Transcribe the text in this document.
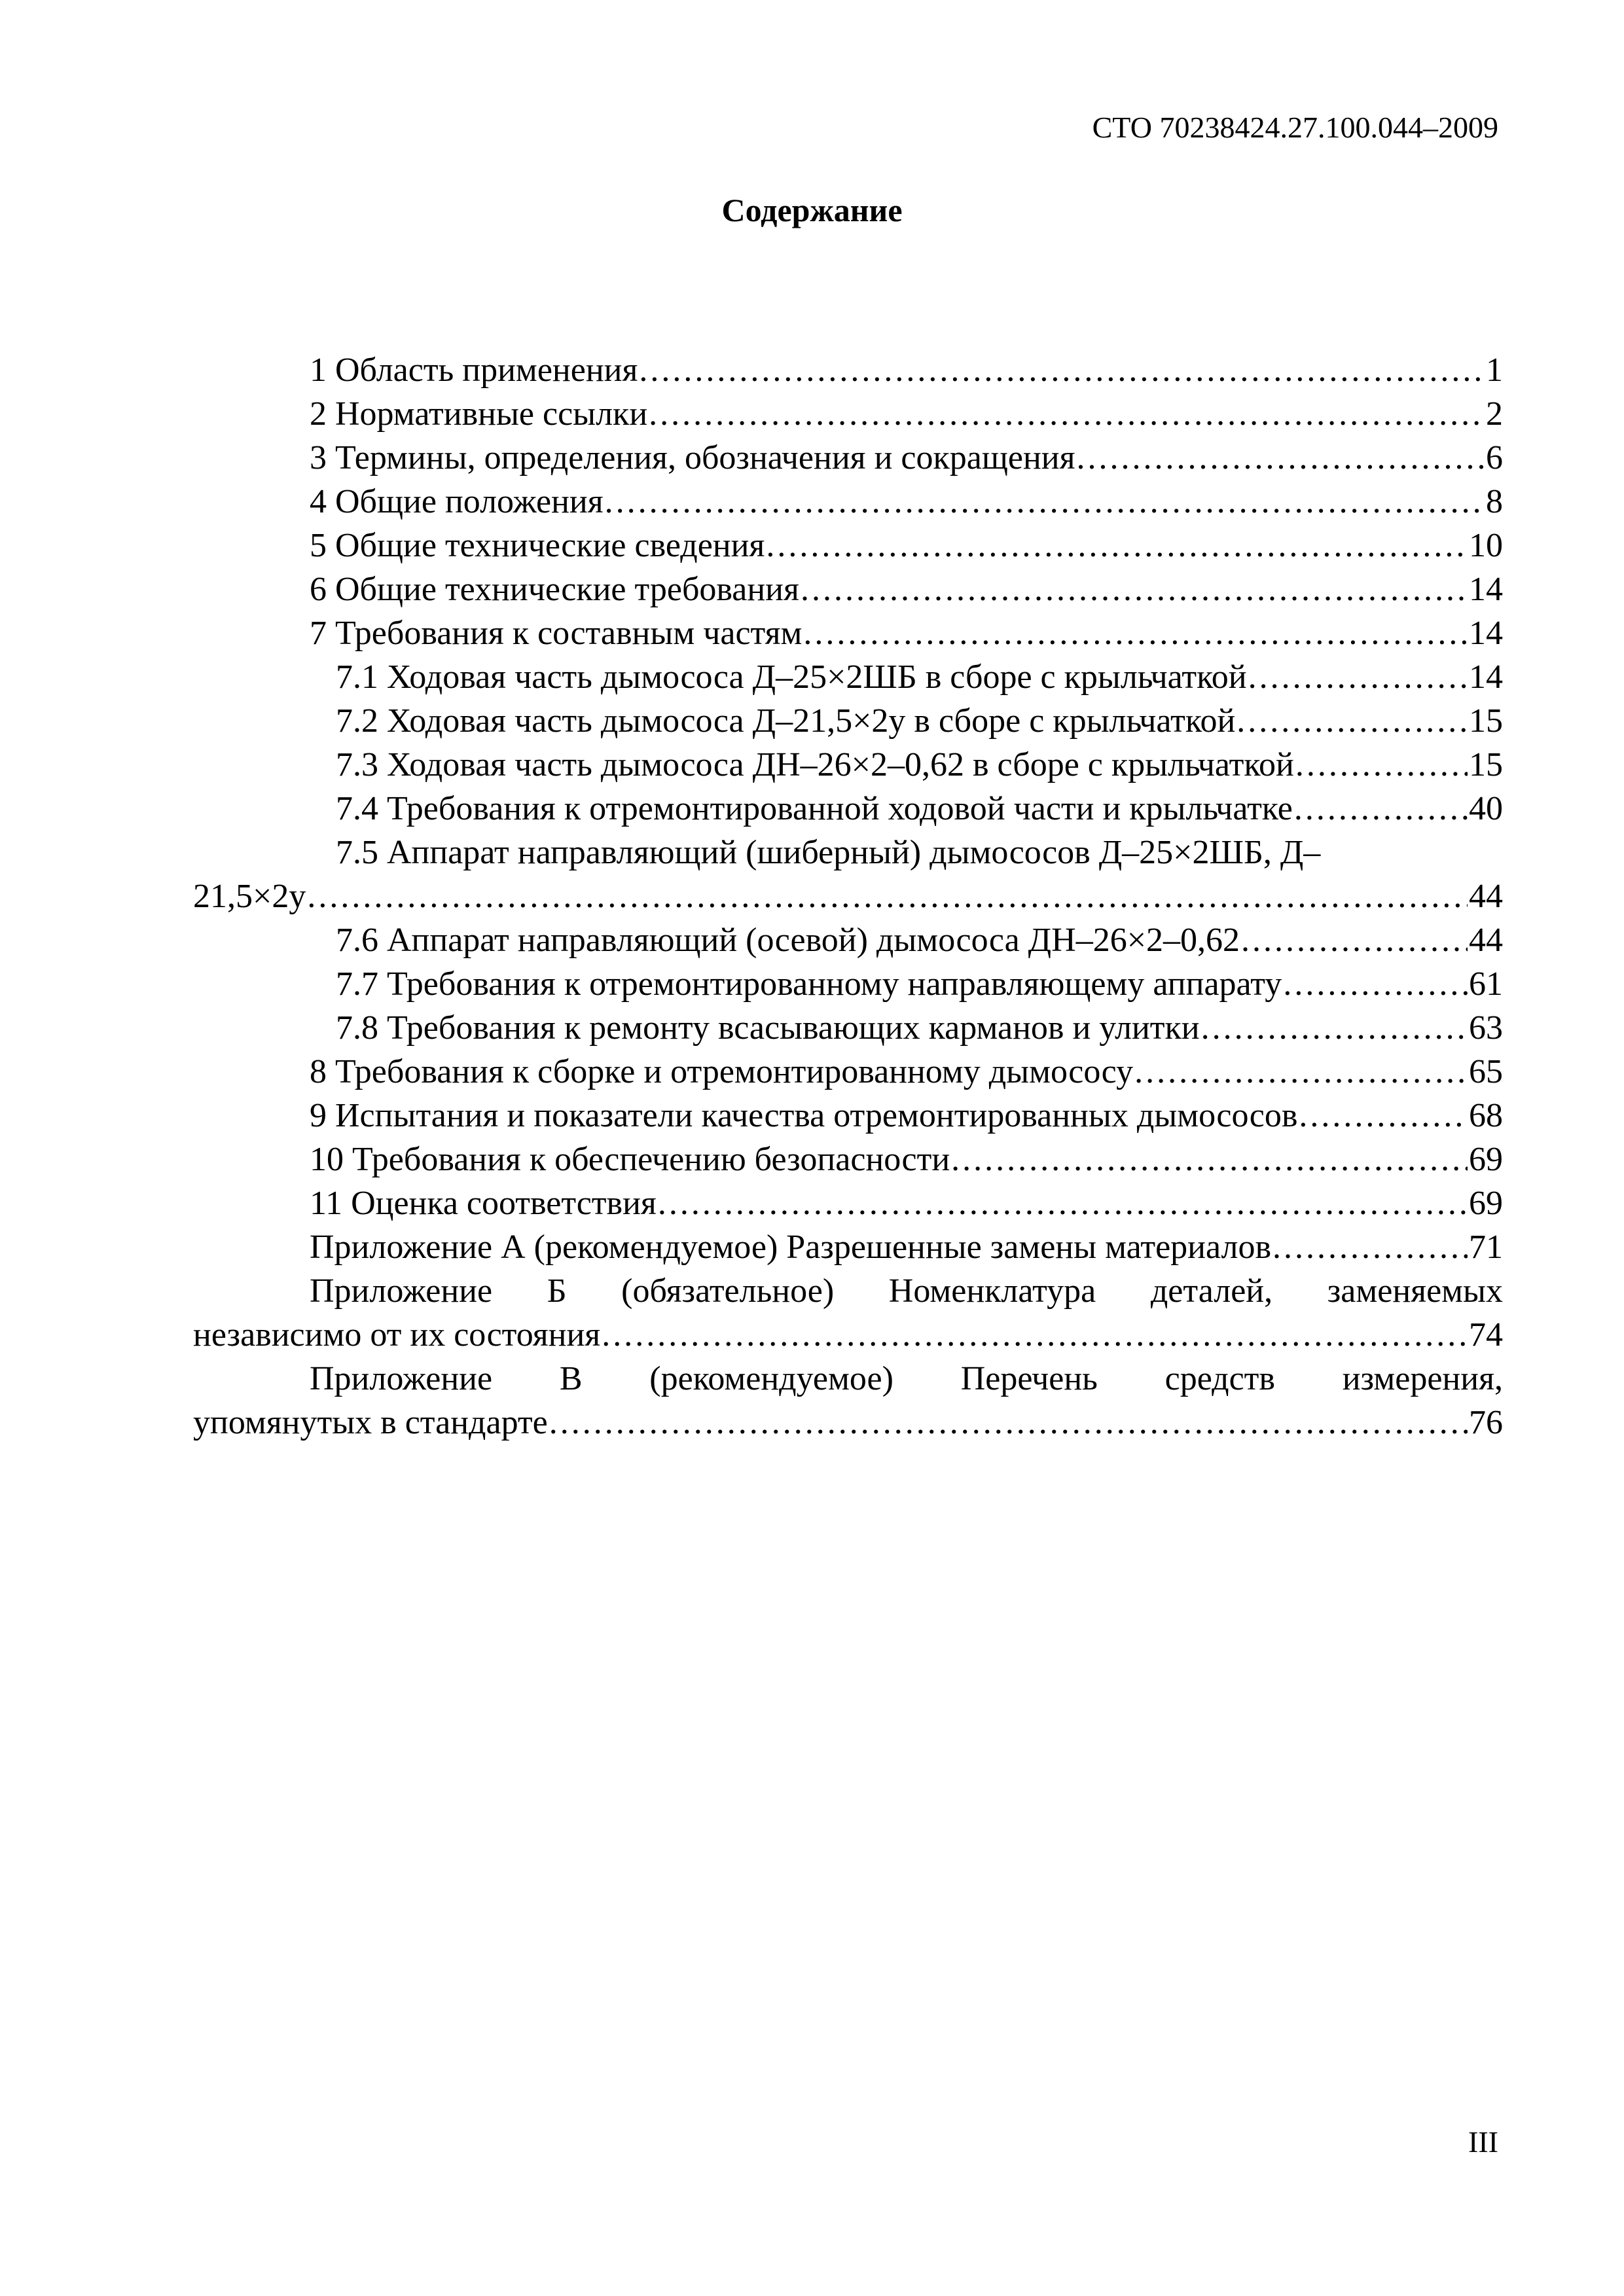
СТО 70238424.27.100.044–2009
Содержание
1 Область применения .....	1
2 Нормативные ссылки .....	2
3 Термины, определения, обозначения и сокращения .....	6
4 Общие положения .....	8
5 Общие технические сведения .....	10
6 Общие технические требования .....	14
7 Требования к составным частям .....	14
7.1 Ходовая часть дымососа Д–25×2ШБ в сборе с крыльчаткой .....	14
7.2 Ходовая часть дымососа Д–21,5×2у в сборе с крыльчаткой .....	15
7.3 Ходовая часть дымососа ДН–26×2–0,62 в сборе с крыльчаткой .....	15
7.4 Требования к отремонтированной ходовой части и крыльчатке .....	40
7.5 Аппарат направляющий (шиберный) дымососов Д–25×2ШБ, Д–
21,5×2у .....	44
7.6 Аппарат направляющий (осевой) дымососа ДН–26×2–0,62 .....	44
7.7 Требования к отремонтированному направляющему аппарату .....	61
7.8 Требования к ремонту всасывающих карманов и улитки .....	63
8 Требования к сборке и отремонтированному дымососу .....	65
9 Испытания и показатели качества отремонтированных дымососов .....	68
10 Требования к обеспечению безопасности .....	69
11 Оценка соответствия .....	69
Приложение А (рекомендуемое) Разрешенные замены материалов .....	71
Приложение Б (обязательное) Номенклатура деталей, заменяемых
независимо от их состояния .....	74
Приложение В (рекомендуемое) Перечень средств измерения,
упомянутых в стандарте .....	76
III
